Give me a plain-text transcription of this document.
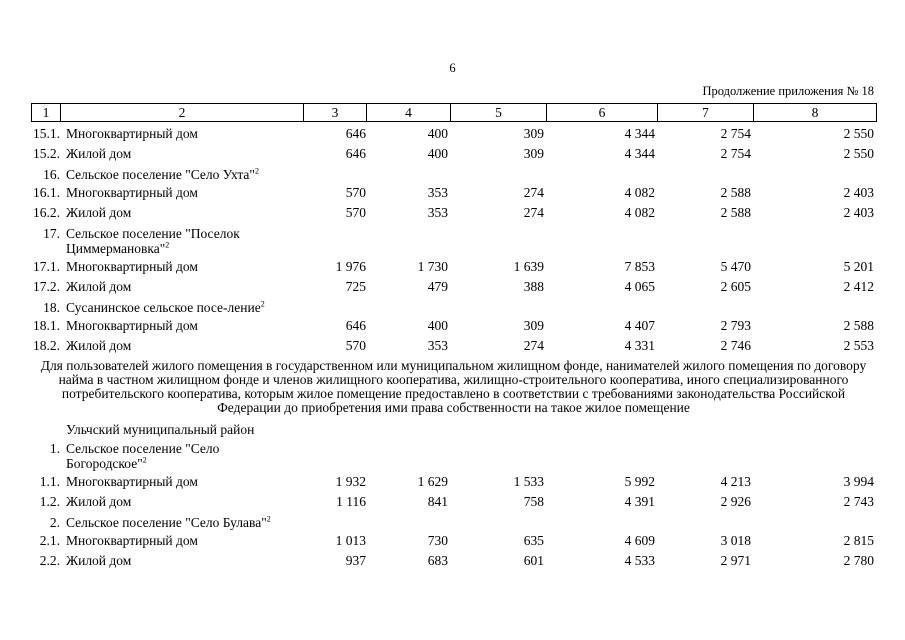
6
Продолжение приложения № 18
1	2	3	4	5	6	7	8
15.1. Многоквартирный дом	646	400	309	4 344	2 754	2 550
15.2. Жилой дом	646	400	309	4 344	2 754	2 550
16. Сельское поселение "Село Ухта"$^2$
16.1. Многоквартирный дом	570	353	274	4 082	2 588	2 403
16.2. Жилой дом	570	353	274	4 082	2 588	2 403
17. Сельское поселение "Поселок Циммермановка"$^2$
17.1. Многоквартирный дом	1 976	1 730	1 639	7 853	5 470	5 201
17.2. Жилой дом	725	479	388	4 065	2 605	2 412
18. Сусанинское сельское посе-ление$^2$
18.1. Многоквартирный дом	646	400	309	4 407	2 793	2 588
18.2. Жилой дом	570	353	274	4 331	2 746	2 553
Для пользователей жилого помещения в государственном или муниципальном жилищном фонде, нанимателей жилого помещения по договору найма в частном жилищном фонде и членов жилищного кооператива, жилищно-строительного кооператива, иного специализированного потребительского кооператива, которым жилое помещение предоставлено в соответствии с требованиями законодательства Российской Федерации до приобретения ими права собственности на такое жилое помещение
Ульчский муниципальный район
1. Сельское поселение "Село Богородское"$^2$
1.1. Многоквартирный дом	1 932	1 629	1 533	5 992	4 213	3 994
1.2. Жилой дом	1 116	841	758	4 391	2 926	2 743
2. Сельское поселение "Село Булава"$^2$
2.1. Многоквартирный дом	1 013	730	635	4 609	3 018	2 815
2.2. Жилой дом	937	683	601	4 533	2 971	2 780
